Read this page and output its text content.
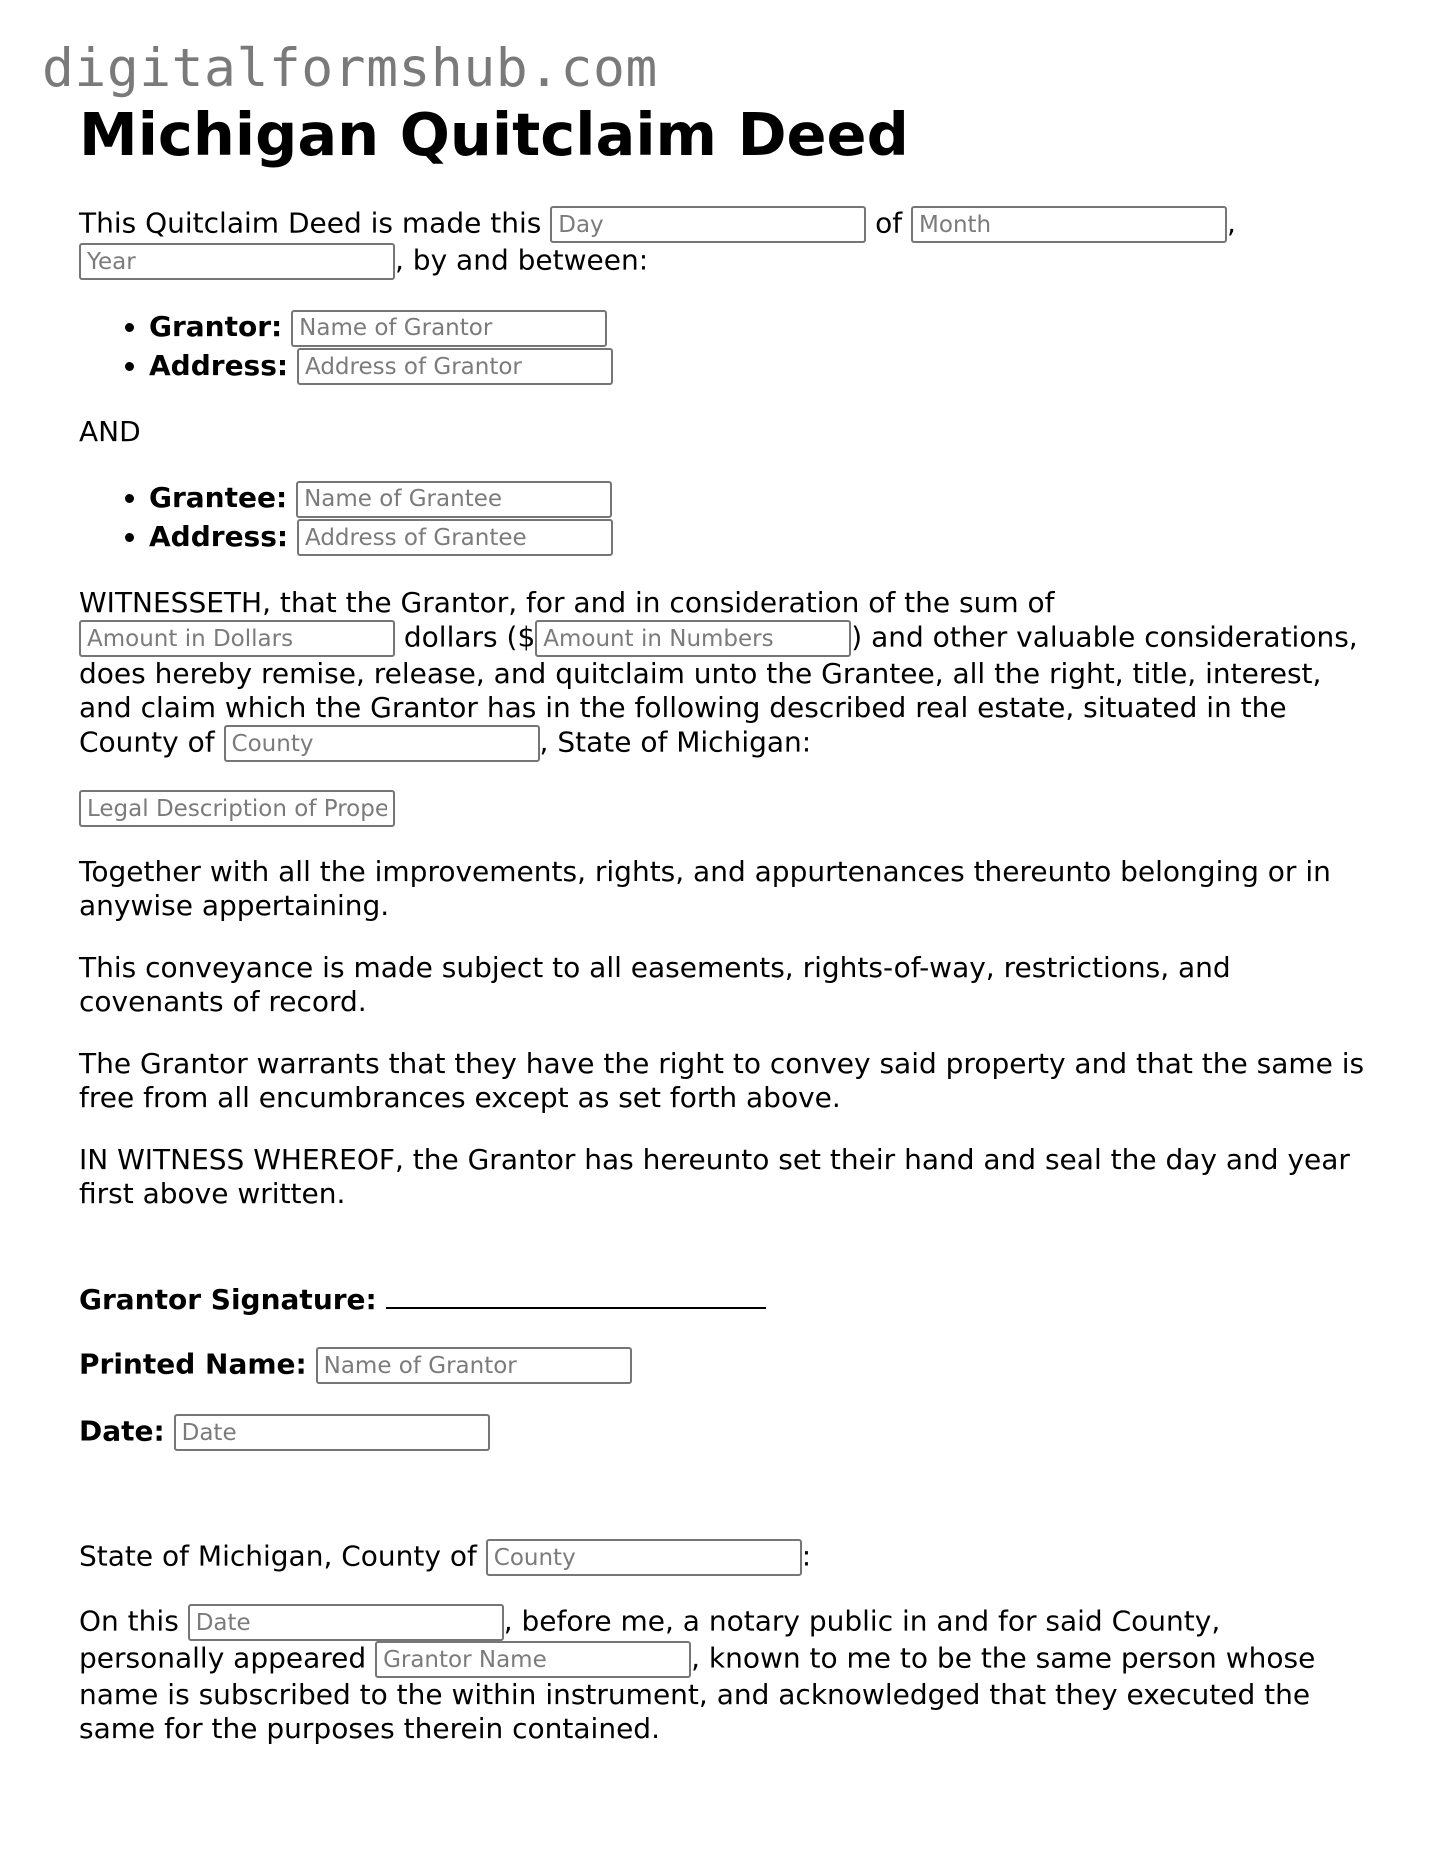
digitalformshub.com
Michigan Quitclaim Deed

This Quitclaim Deed is made this Day	of Month	, Year, by and between:

• Grantor: Name of Grantor
• Address: Address of Grantor

AND

• Grantee: Name of Grantee
• Address: Address of Grantee

WITNESSETH, that the Grantor, for and in consideration of the sum of Amount in Dollars dollars ($Amount in Numbers	) and other valuable considerations, does hereby remise, release, and quitclaim unto the Grantee, all the right, title, interest, and claim which the Grantor has in the following described real estate, situated in the County of County	, State of Michigan:

Legal Description of Property

Together with all the improvements, rights, and appurtenances thereunto belonging or in anywise appertaining.

This conveyance is made subject to all easements, rights-of-way, restrictions, and covenants of record.

The Grantor warrants that they have the right to convey said property and that the same is free from all encumbrances except as set forth above.

IN WITNESS WHEREOF, the Grantor has hereunto set their hand and seal the day and year first above written.

Grantor Signature:

Printed Name: Name of Grantor

Date: Date

State of Michigan, County of County	:

On this Date	, before me, a notary public in and for said County, personally appeared Grantor Name	, known to me to be the same person whose name is subscribed to the within instrument, and acknowledged that they executed the same for the purposes therein contained.
